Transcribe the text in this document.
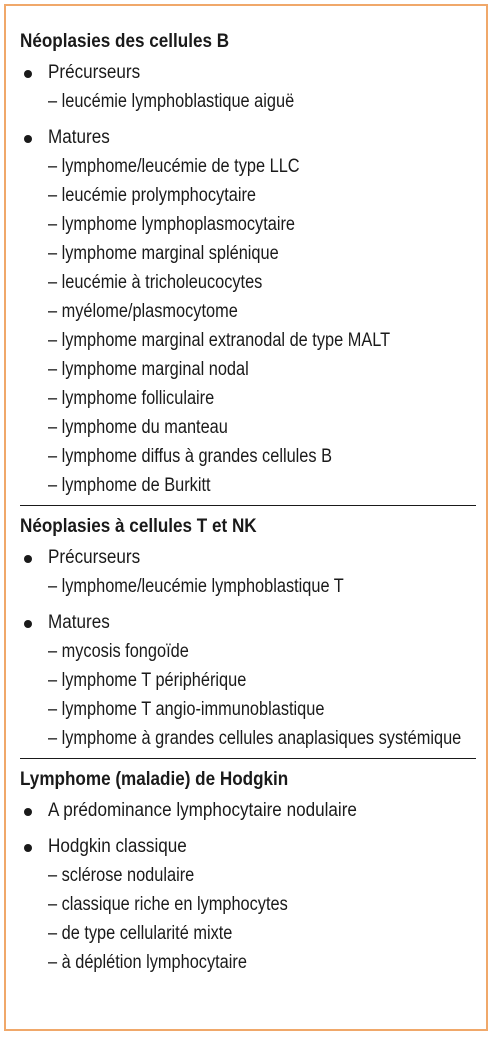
Néoplasies des cellules B
Précurseurs
– leucémie lymphoblastique aiguë
Matures
– lymphome/leucémie de type LLC
– leucémie prolymphocytaire
– lymphome lymphoplasmocytaire
– lymphome marginal splénique
– leucémie à tricholeucocytes
– myélome/plasmocytome
– lymphome marginal extranodal de type MALT
– lymphome marginal nodal
– lymphome folliculaire
– lymphome du manteau
– lymphome diffus à grandes cellules B
– lymphome de Burkitt
Néoplasies à cellules T et NK
Précurseurs
– lymphome/leucémie lymphoblastique T
Matures
– mycosis fongoïde
– lymphome T périphérique
– lymphome T angio-immunoblastique
– lymphome à grandes cellules anaplasiques systémique
Lymphome (maladie) de Hodgkin
A prédominance lymphocytaire nodulaire
Hodgkin classique
– sclérose nodulaire
– classique riche en lymphocytes
– de type cellularité mixte
– à déplétion lymphocytaire
